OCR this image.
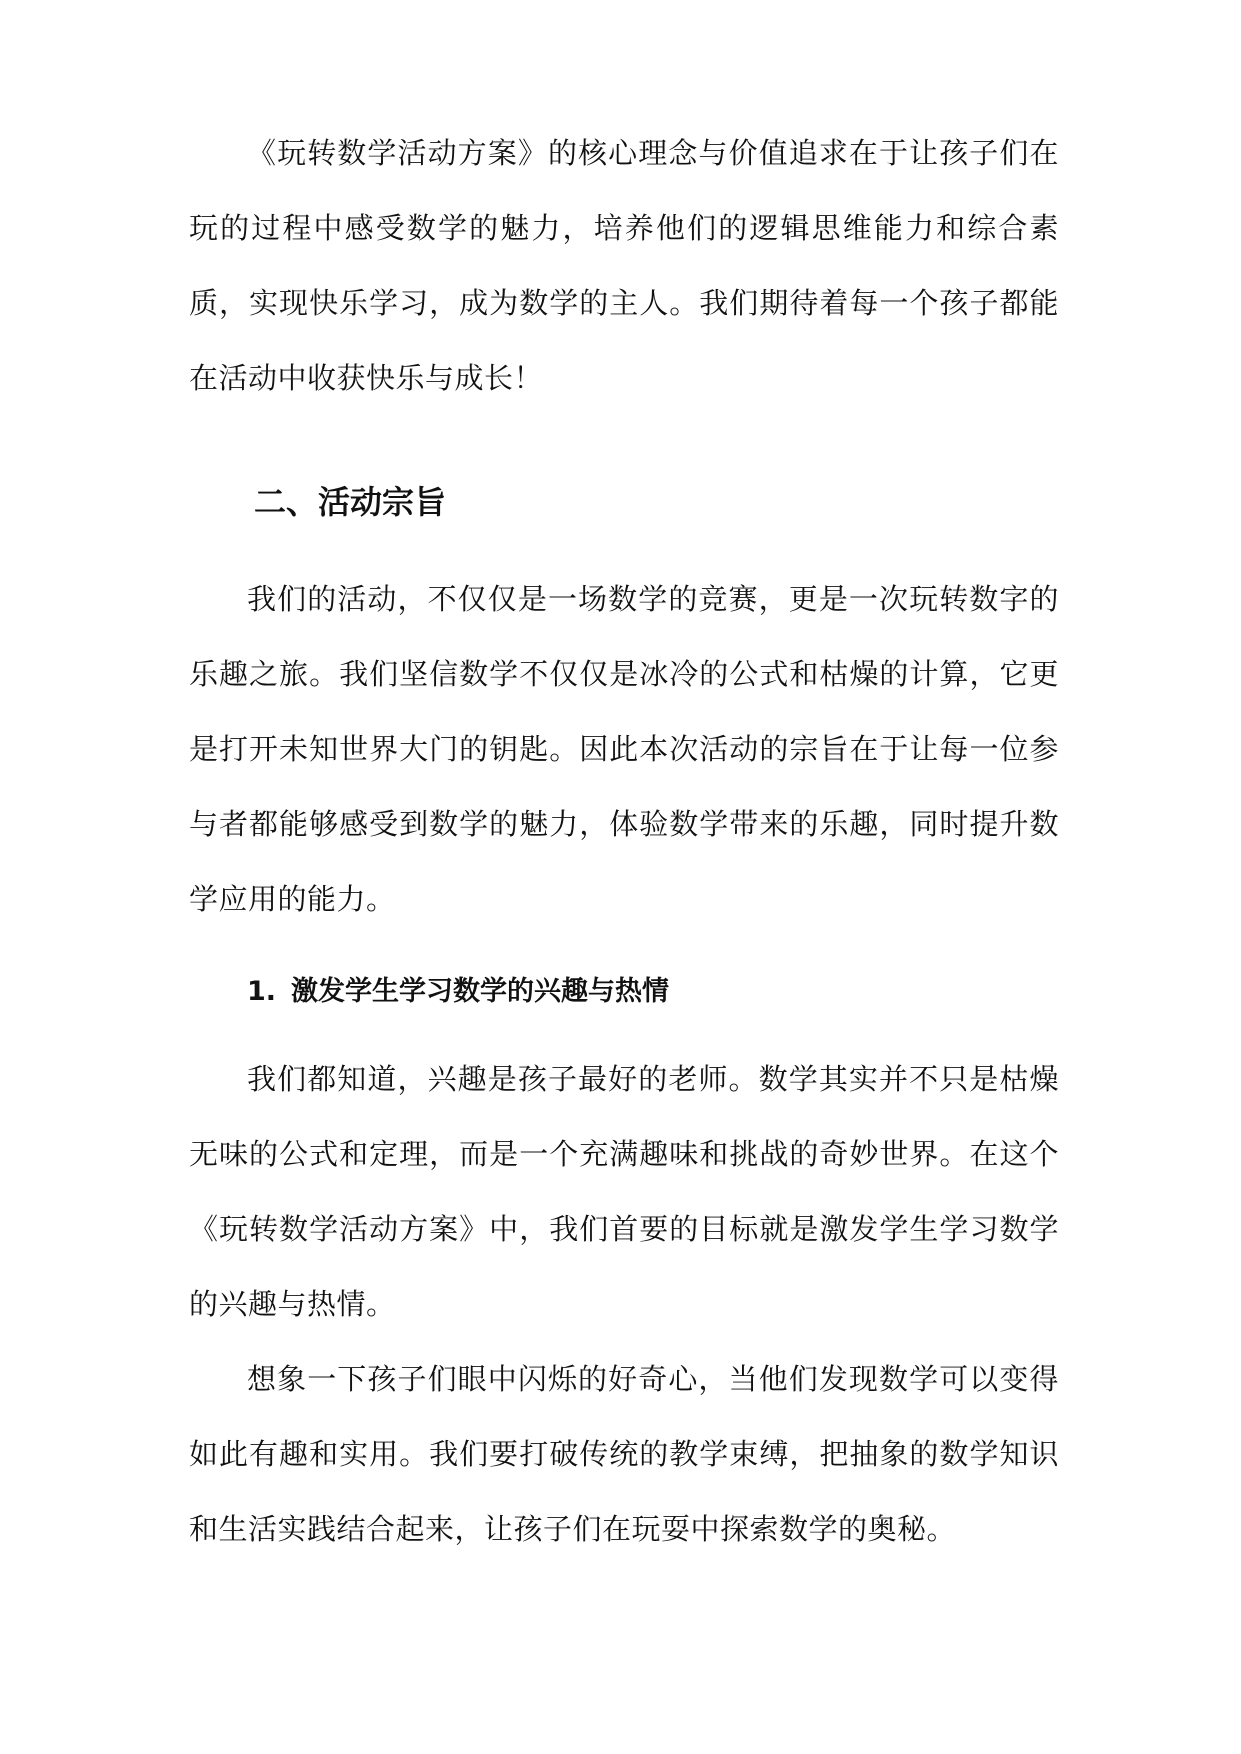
《玩转数学活动方案》的核心理念与价值追求在于让孩子们在玩的过程中感受数学的魅力，培养他们的逻辑思维能力和综合素质，实现快乐学习，成为数学的主人。我们期待着每一个孩子都能在活动中收获快乐与成长！

二、活动宗旨

我们的活动，不仅仅是一场数学的竞赛，更是一次玩转数字的乐趣之旅。我们坚信数学不仅仅是冰冷的公式和枯燥的计算，它更是打开未知世界大门的钥匙。因此本次活动的宗旨在于让每一位参与者都能够感受到数学的魅力，体验数学带来的乐趣，同时提升数学应用的能力。

1. 激发学生学习数学的兴趣与热情

我们都知道，兴趣是孩子最好的老师。数学其实并不只是枯燥无味的公式和定理，而是一个充满趣味和挑战的奇妙世界。在这个《玩转数学活动方案》中，我们首要的目标就是激发学生学习数学的兴趣与热情。

想象一下孩子们眼中闪烁的好奇心，当他们发现数学可以变得如此有趣和实用。我们要打破传统的教学束缚，把抽象的数学知识和生活实践结合起来，让孩子们在玩耍中探索数学的奥秘。
